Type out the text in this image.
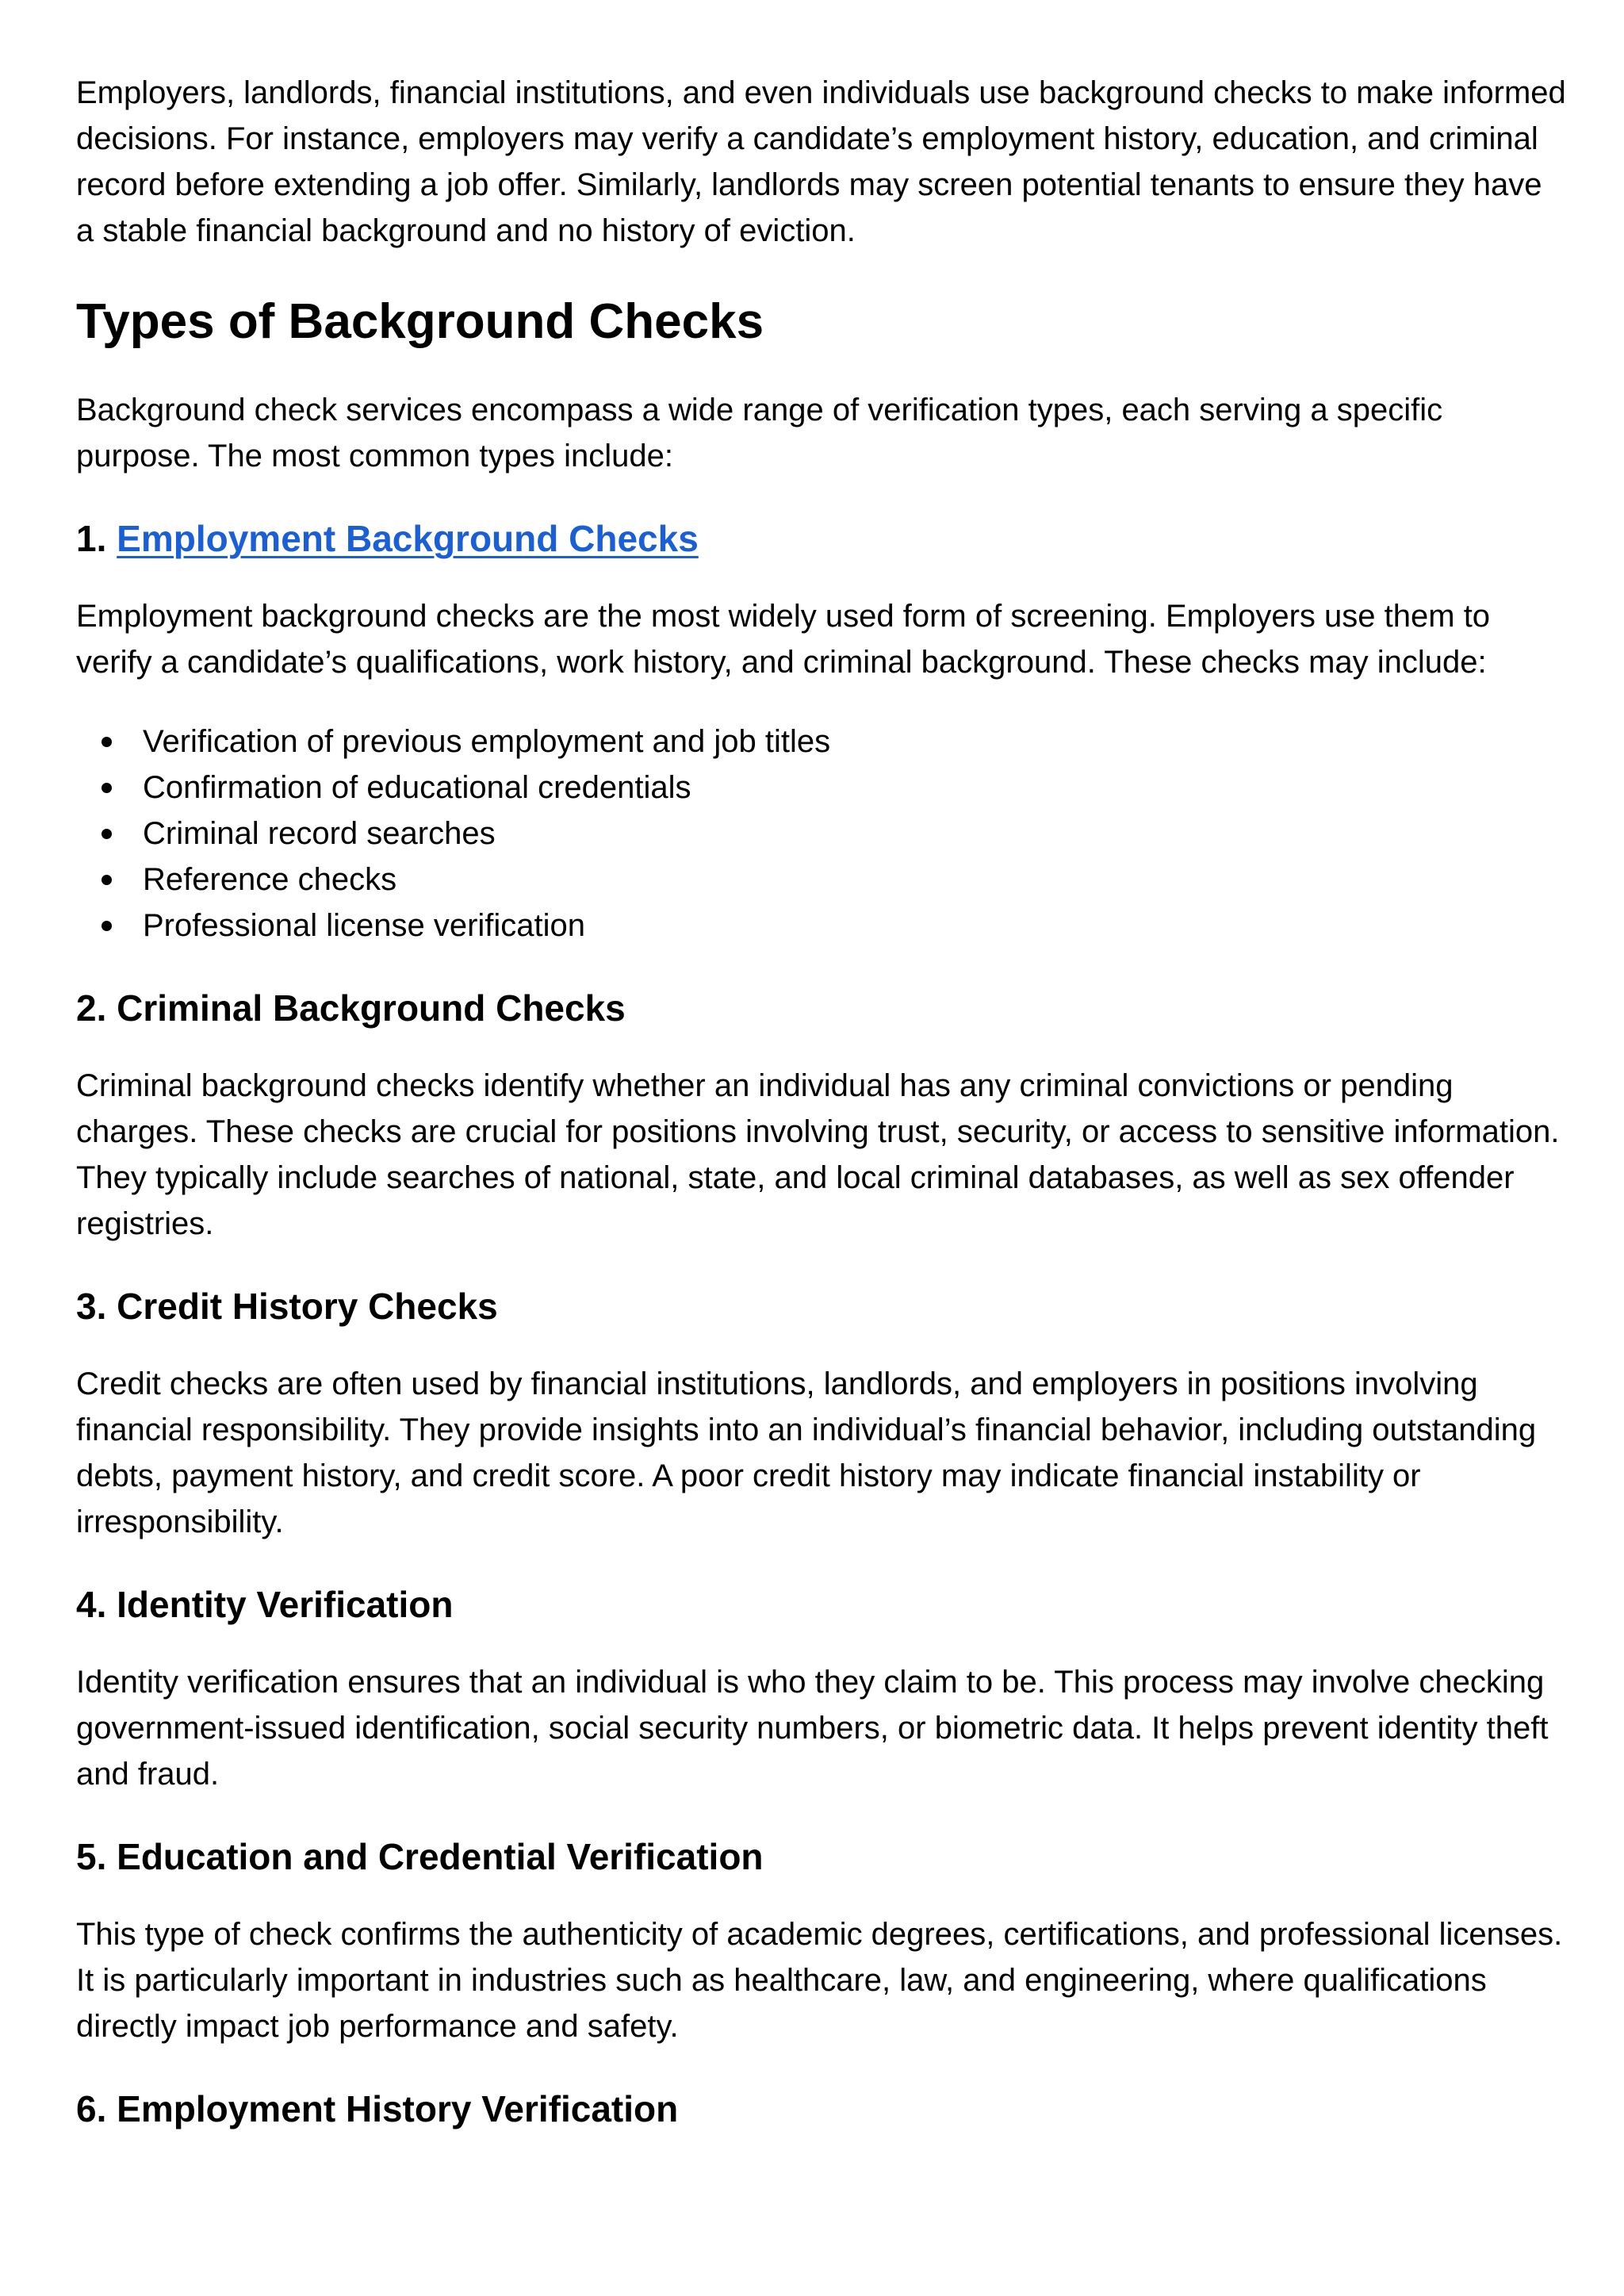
Employers, landlords, financial institutions, and even individuals use background checks to make informed decisions. For instance, employers may verify a candidate’s employment history, education, and criminal record before extending a job offer. Similarly, landlords may screen potential tenants to ensure they have a stable financial background and no history of eviction.

Types of Background Checks

Background check services encompass a wide range of verification types, each serving a specific purpose. The most common types include:

1. Employment Background Checks

Employment background checks are the most widely used form of screening. Employers use them to verify a candidate’s qualifications, work history, and criminal background. These checks may include:

Verification of previous employment and job titles
Confirmation of educational credentials
Criminal record searches
Reference checks
Professional license verification
2. Criminal Background Checks

Criminal background checks identify whether an individual has any criminal convictions or pending charges. These checks are crucial for positions involving trust, security, or access to sensitive information. They typically include searches of national, state, and local criminal databases, as well as sex offender registries.

3. Credit History Checks

Credit checks are often used by financial institutions, landlords, and employers in positions involving financial responsibility. They provide insights into an individual’s financial behavior, including outstanding debts, payment history, and credit score. A poor credit history may indicate financial instability or irresponsibility.

4. Identity Verification

Identity verification ensures that an individual is who they claim to be. This process may involve checking government-issued identification, social security numbers, or biometric data. It helps prevent identity theft and fraud.

5. Education and Credential Verification

This type of check confirms the authenticity of academic degrees, certifications, and professional licenses. It is particularly important in industries such as healthcare, law, and engineering, where qualifications directly impact job performance and safety.

6. Employment History Verification
